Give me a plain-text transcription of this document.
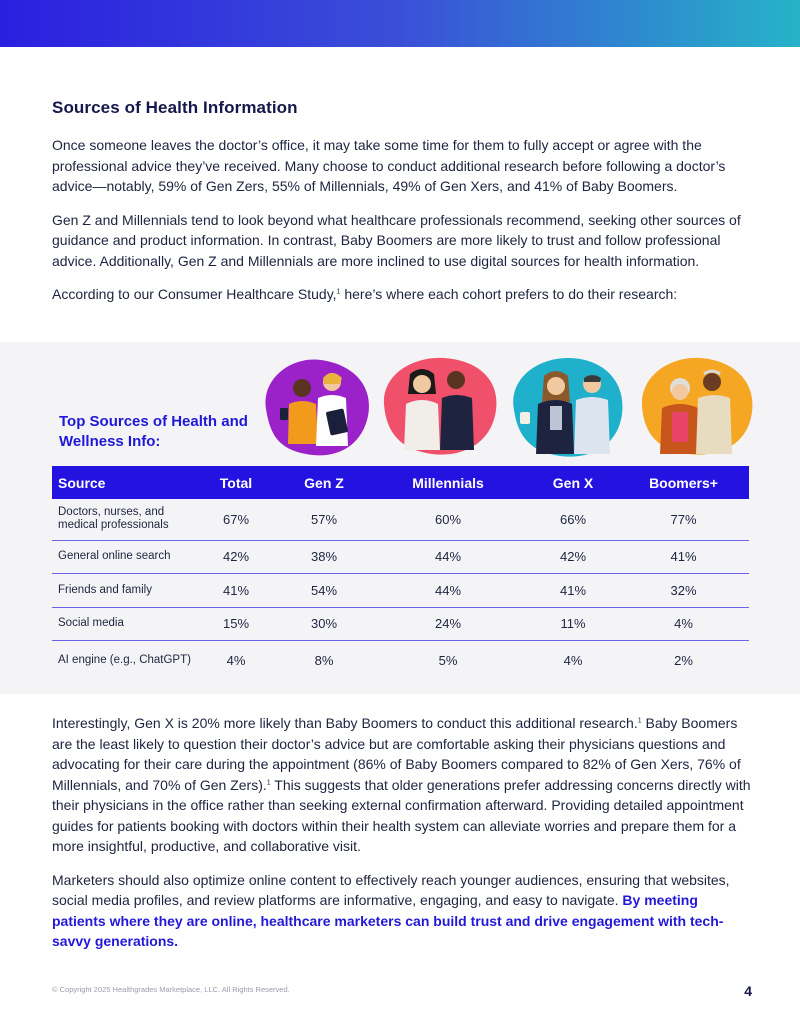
Sources of Health Information

Once someone leaves the doctor’s office, it may take some time for them to fully accept or agree with the professional advice they’ve received. Many choose to conduct additional research before following a doctor’s advice—notably, 59% of Gen Zers, 55% of Millennials, 49% of Gen Xers, and 41% of Baby Boomers.

Gen Z and Millennials tend to look beyond what healthcare professionals recommend, seeking other sources of guidance and product information. In contrast, Baby Boomers are more likely to trust and follow professional advice. Additionally, Gen Z and Millennials are more inclined to use digital sources for health information.

According to our Consumer Healthcare Study,$^1$ here’s where each cohort prefers to do their research:

Top Sources of Health and Wellness Info:
Source	Total	Gen Z	Millennials	Gen X	Boomers+
Doctors, nurses, and medical professionals	67%	57%	60%	66%	77%
General online search	42%	38%	44%	42%	41%
Friends and family	41%	54%	44%	41%	32%
Social media	15%	30%	24%	11%	4%
AI engine (e.g., ChatGPT)	4%	8%	5%	4%	2%

Interestingly, Gen X is 20% more likely than Baby Boomers to conduct this additional research.$^1$ Baby Boomers are the least likely to question their doctor’s advice but are comfortable asking their physicians questions and advocating for their care during the appointment (86% of Baby Boomers compared to 82% of Gen Xers, 76% of Millennials, and 70% of Gen Zers).$^1$ This suggests that older generations prefer addressing concerns directly with their physicians in the office rather than seeking external confirmation afterward. Providing detailed appointment guides for patients booking with doctors within their health system can alleviate worries and prepare them for a more insightful, productive, and collaborative visit.

Marketers should also optimize online content to effectively reach younger audiences, ensuring that websites, social media profiles, and review platforms are informative, engaging, and easy to navigate. By meeting patients where they are online, healthcare marketers can build trust and drive engagement with tech-savvy generations.

© Copyright 2025 Healthgrades Marketplace, LLC. All Rights Reserved.	4
